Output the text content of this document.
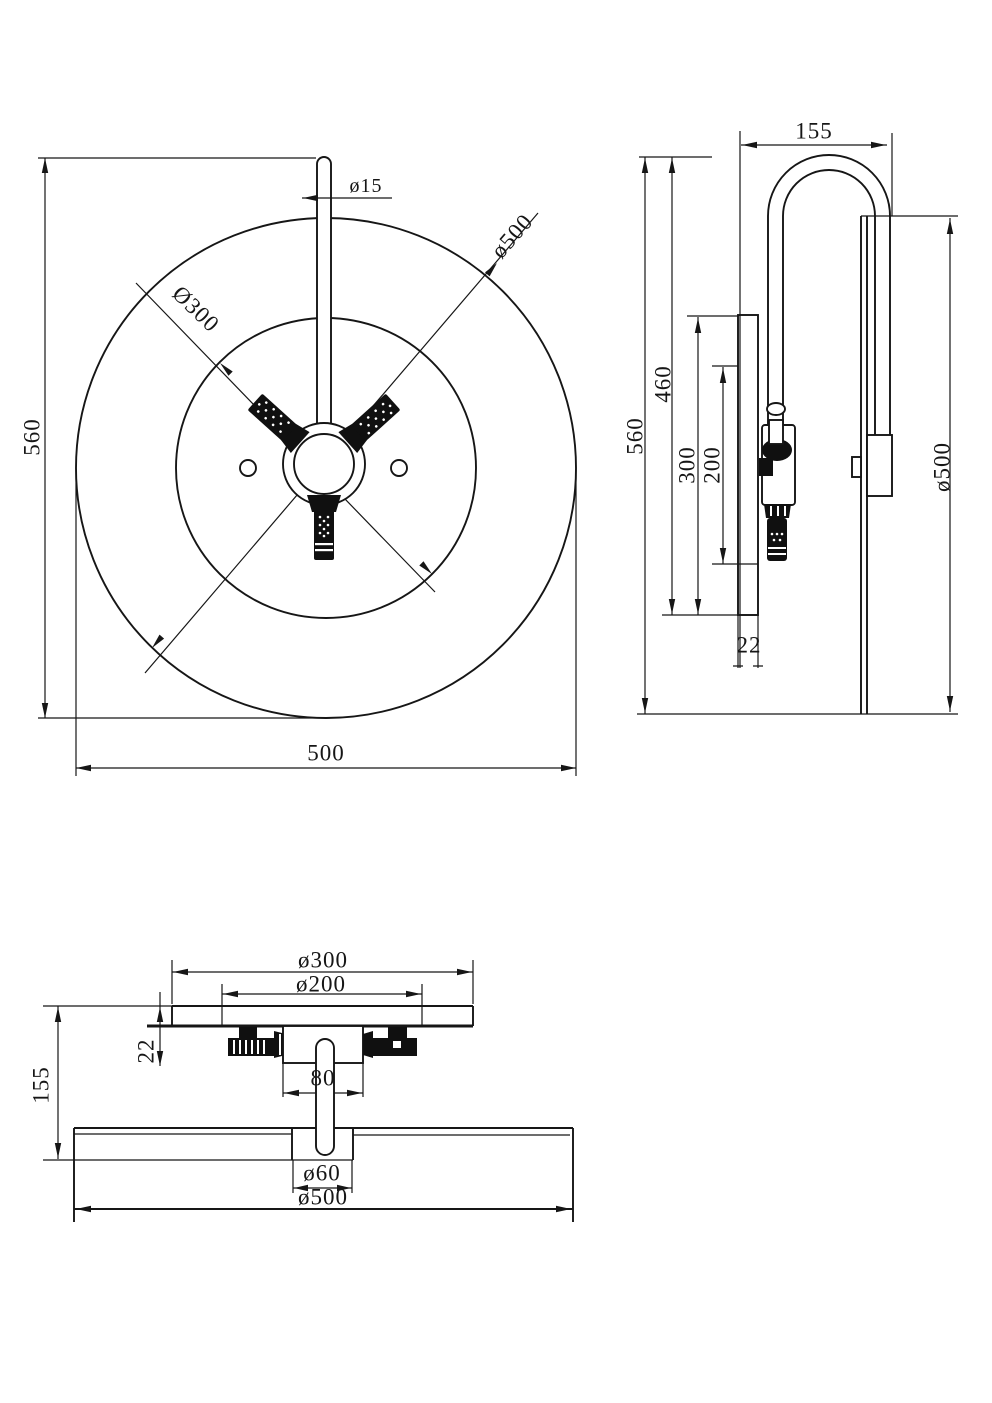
560
ø15
Ø300
ø500
500
155
560
460
300 200
22
ø500
ø300
ø200
22
155	80
ø60
ø500
